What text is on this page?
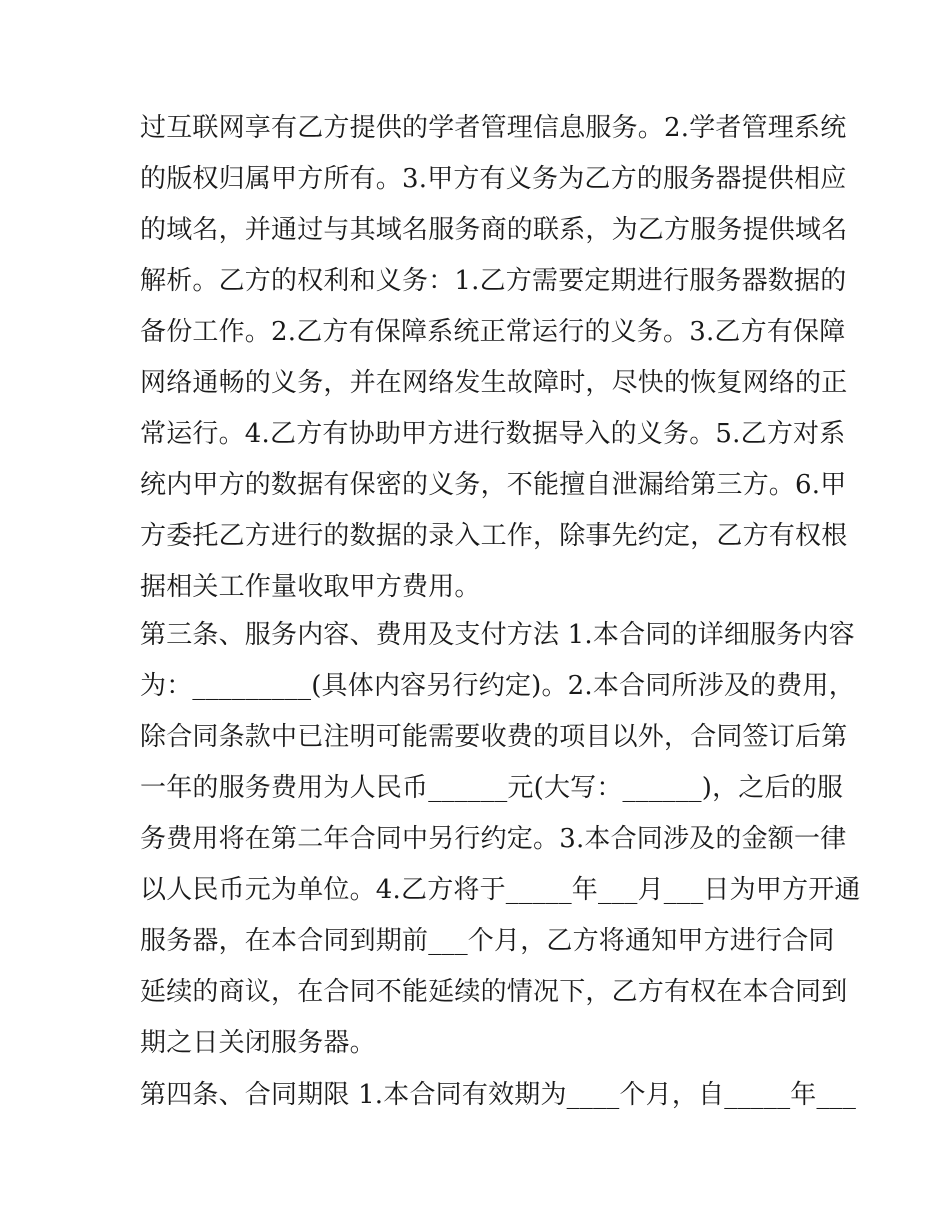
过互联网享有乙方提供的学者管理信息服务。2.学者管理系统
的版权归属甲方所有。3.甲方有义务为乙方的服务器提供相应
的域名，并通过与其域名服务商的联系，为乙方服务提供域名
解析。乙方的权利和义务：1.乙方需要定期进行服务器数据的
备份工作。2.乙方有保障系统正常运行的义务。3.乙方有保障
网络通畅的义务，并在网络发生故障时，尽快的恢复网络的正
常运行。4.乙方有协助甲方进行数据导入的义务。5.乙方对系
统内甲方的数据有保密的义务，不能擅自泄漏给第三方。6.甲
方委托乙方进行的数据的录入工作，除事先约定，乙方有权根
据相关工作量收取甲方费用。
第三条、服务内容、费用及支付方法 1.本合同的详细服务内容
为：_________(具体内容另行约定)。2.本合同所涉及的费用，
除合同条款中已注明可能需要收费的项目以外，合同签订后第
一年的服务费用为人民币______元(大写：______)，之后的服
务费用将在第二年合同中另行约定。3.本合同涉及的金额一律
以人民币元为单位。4.乙方将于_____年___月___日为甲方开通
服务器，在本合同到期前___个月，乙方将通知甲方进行合同
延续的商议，在合同不能延续的情况下，乙方有权在本合同到
期之日关闭服务器。
第四条、合同期限 1.本合同有效期为____个月，自_____年___
